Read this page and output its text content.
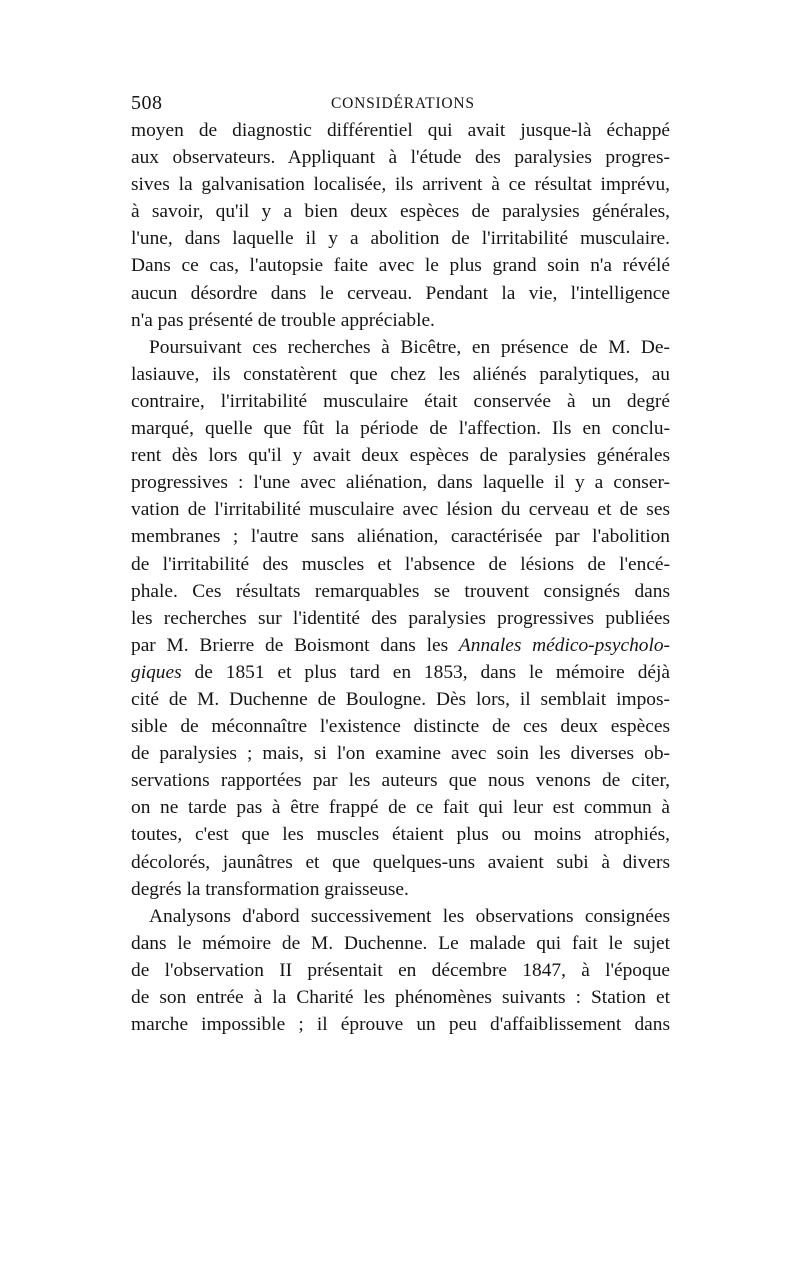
508	CONSIDÉRATIONS
moyen de diagnostic différentiel qui avait jusque-là échappé
aux observateurs. Appliquant à l'étude des paralysies progres-
sives la galvanisation localisée, ils arrivent à ce résultat imprévu,
à savoir, qu'il y a bien deux espèces de paralysies générales,
l'une, dans laquelle il y a abolition de l'irritabilité musculaire.
Dans ce cas, l'autopsie faite avec le plus grand soin n'a révélé
aucun désordre dans le cerveau. Pendant la vie, l'intelligence
n'a pas présenté de trouble appréciable.
Poursuivant ces recherches à Bicêtre, en présence de M. De-
lasiauve, ils constatèrent que chez les aliénés paralytiques, au
contraire, l'irritabilité musculaire était conservée à un degré
marqué, quelle que fût la période de l'affection. Ils en conclu-
rent dès lors qu'il y avait deux espèces de paralysies générales
progressives : l'une avec aliénation, dans laquelle il y a conser-
vation de l'irritabilité musculaire avec lésion du cerveau et de ses
membranes ; l'autre sans aliénation, caractérisée par l'abolition
de l'irritabilité des muscles et l'absence de lésions de l'encé-
phale. Ces résultats remarquables se trouvent consignés dans
les recherches sur l'identité des paralysies progressives publiées
par M. Brierre de Boismont dans les Annales médico-psycholo-
giques de 1851 et plus tard en 1853, dans le mémoire déjà
cité de M. Duchenne de Boulogne. Dès lors, il semblait impos-
sible de méconnaître l'existence distincte de ces deux espèces
de paralysies ; mais, si l'on examine avec soin les diverses ob-
servations rapportées par les auteurs que nous venons de citer,
on ne tarde pas à être frappé de ce fait qui leur est commun à
toutes, c'est que les muscles étaient plus ou moins atrophiés,
décolorés, jaunâtres et que quelques-uns avaient subi à divers
degrés la transformation graisseuse.
Analysons d'abord successivement les observations consignées
dans le mémoire de M. Duchenne. Le malade qui fait le sujet
de l'observation II présentait en décembre 1847, à l'époque
de son entrée à la Charité les phénomènes suivants : Station et
marche impossible ; il éprouve un peu d'affaiblissement dans
